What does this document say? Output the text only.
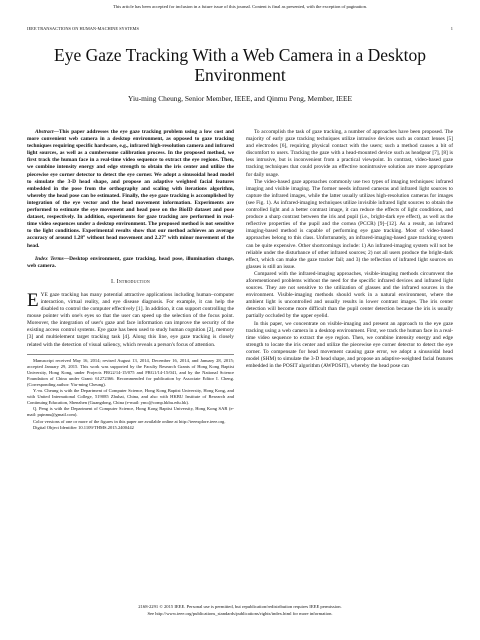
This article has been accepted for inclusion in a future issue of this journal. Content is final as presented, with the exception of pagination.
IEEE TRANSACTIONS ON HUMAN-MACHINE SYSTEMS	1
Eye Gaze Tracking With a Web Camera in a Desktop Environment
Yiu-ming Cheung, Senior Member, IEEE, and Qinmu Peng, Member, IEEE

Abstract—This paper addresses the eye gaze tracking problem using a low cost and more convenient web camera in a desktop environment, as opposed to gaze tracking techniques requiring specific hardware, e.g., infrared high-resolution camera and infrared light sources, as well as a cumbersome calibration process. In the proposed method, we first track the human face in a real-time video sequence to extract the eye regions. Then, we combine intensity energy and edge strength to obtain the iris center and utilize the piecewise eye corner detector to detect the eye corner. We adopt a sinusoidal head model to simulate the 3-D head shape, and propose an adaptive weighted facial features embedded in the pose from the orthography and scaling with iterations algorithm, whereby the head pose can be estimated. Finally, the eye gaze tracking is accomplished by integration of the eye vector and the head movement information. Experiments are performed to estimate the eye movement and head pose on the BioID dataset and pose dataset, respectively. In addition, experiments for gaze tracking are performed in real-time video sequences under a desktop environment. The proposed method is not sensitive to the light conditions. Experimental results show that our method achieves an average accuracy of around 1.28° without head movement and 2.27° with minor movement of the head.

Index Terms—Desktop environment, gaze tracking, head pose, illumination change, web camera.

I. Introduction

EYE gaze tracking has many potential attractive applications including human–computer interaction, virtual reality, and eye disease diagnosis. For example, it can help the disabled to control the computer effectively [1]. In addition, it can support controlling the mouse pointer with one's eyes so that the user can speed up the selection of the focus point. Moreover, the integration of user's gaze and face information can improve the security of the existing access control systems. Eye gaze has been used to study human cognition [2], memory [3] and multielement target tracking task [4]. Along this line, eye gaze tracking is closely related with the detection of visual saliency, which reveals a person's focus of attention.

Manuscript received May 16, 2014; revised August 13, 2014, December 16, 2014, and January 28, 2015; accepted January 29, 2015. This work was supported by the Faculty Research Grants of Hong Kong Baptist University, Hong Kong, under Projects FRG2/14-15/075 and FRG1/14-15/041, and by the National Science Foundation of China under Grant: 61272366. Recommended for publication by Associate Editor I. Cheng. (Corresponding author: Yiu-ming Cheung).

Y.-m. Cheung is with the Department of Computer Science, Hong Kong Baptist University, Hong Kong, and with United International College, 519085 Zhuhai, China, and also with HKBU Institute of Research and Continuing Education, Shenzhen (Guangdong, China (e-mail: ymc@comp.hkbu.edu.hk).

Q. Peng is with the Department of Computer Science, Hong Kong Baptist University, Hong Kong SAR (e-mail: pqinmu@gmail.com).

Color versions of one or more of the figures in this paper are available online at http://ieeexplore.ieee.org.

Digital Object Identifier 10.1109/THMS.2015.2400442

To accomplish the task of gaze tracking, a number of approaches have been proposed. The majority of early gaze tracking techniques utilize intrusive devices such as contact lenses [5] and electrodes [6], requiring physical contact with the users; such a method causes a bit of discomfort to users. Tracking the gaze with a head-mounted device such as headgear [7], [8] is less intrusive, but is inconvenient from a practical viewpoint. In contrast, video-based gaze tracking techniques that could provide an effective nonintrusive solution are more appropriate for daily usage.

The video-based gaze approaches commonly use two types of imaging techniques: infrared imaging and visible imaging. The former needs infrared cameras and infrared light sources to capture the infrared images, while the latter usually utilizes high-resolution cameras for images (see Fig. 1). As infrared-imaging techniques utilize invisible infrared light sources to obtain the controlled light and a better contrast image, it can reduce the effects of light conditions, and produce a sharp contrast between the iris and pupil (i.e., bright-dark eye effect), as well as the reflective properties of the pupil and the cornea (PCCR) [9]–[12]. As a result, an infrared imaging-based method is capable of performing eye gaze tracking. Most of video-based approaches belong to this class. Unfortunately, an infrared-imaging-based gaze tracking system can be quite expensive. Other shortcomings include: 1) An infrared-imaging system will not be reliable under the disturbance of other infrared sources; 2) not all users produce the bright-dark effect, which can make the gaze tracker fail; and 3) the reflection of infrared light sources on glasses is still an issue.

Compared with the infrared-imaging approaches, visible-imaging methods circumvent the aforementioned problems without the need for the specific infrared devices and infrared light sources. They are not sensitive to the utilization of glasses and the infrared sources in the environment. Visible-imaging methods should work in a natural environment, where the ambient light is uncontrolled and usually results in lower contrast images. The iris center detection will become more difficult than the pupil center detection because the iris is usually partially occluded by the upper eyelid.

In this paper, we concentrate on visible-imaging and present an approach to the eye gaze tracking using a web camera in a desktop environment. First, we track the human face in a real-time video sequence to extract the eye region. Then, we combine intensity energy and edge strength to locate the iris center and utilize the piecewise eye corner detector to detect the eye corner. To compensate for head movement causing gaze error, we adopt a sinusoidal head model (SHM) to simulate the 3-D head shape, and propose an adaptive-weighted facial features embedded in the POSIT algorithm (AWPOSIT), whereby the head pose can

2168-2291 © 2015 IEEE. Personal use is permitted, but republication/redistribution requires IEEE permission.
See http://www.ieee.org/publications_standards/publications/rights/index.html for more information.
